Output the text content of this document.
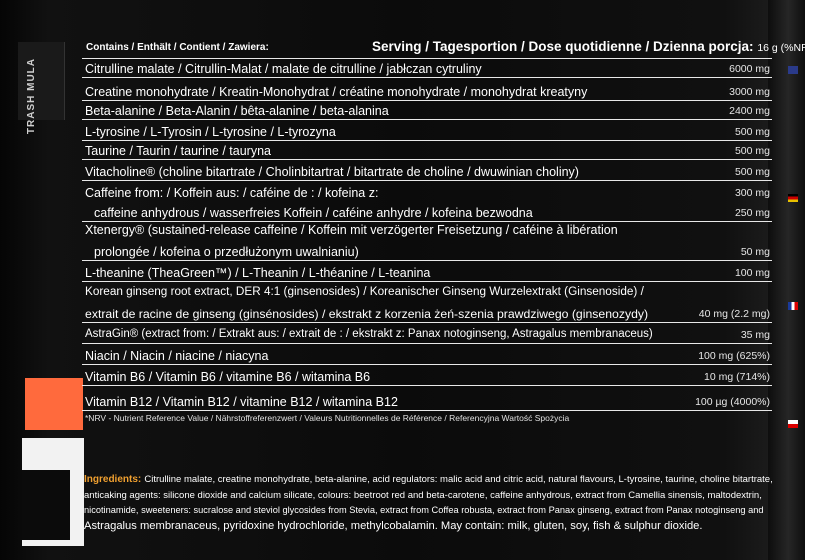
TRASH MULA
Contains / Enthält / Contient / Zawiera:	Serving / Tagesportion / Dose quotidienne / Dzienna porcja: 16 g (%NRV*)
Citrulline malate / Citrullin-Malat / malate de citrulline / jabłczan cytruliny	6000 mg
Creatine monohydrate / Kreatin-Monohydrat / créatine monohydrate / monohydrat kreatyny	3000 mg
Beta-alanine / Beta-Alanin / bêta-alanine / beta-alanina	2400 mg
L-tyrosine / L-Tyrosin / L-tyrosine / L-tyrozyna	500 mg
Taurine / Taurin / taurine / tauryna	500 mg
Vitacholine® (choline bitartrate / Cholinbitartrat / bitartrate de choline / dwuwinian choliny)	500 mg
Caffeine from: / Koffein aus: / caféine de : / kofeina z:	300 mg
caffeine anhydrous / wasserfreies Koffein / caféine anhydre / kofeina bezwodna	250 mg
Xtenergy® (sustained-release caffeine / Koffein mit verzögerter Freisetzung / caféine à libération
prolongée / kofeina o przedłużonym uwalnianiu)	50 mg
L-theanine (TheaGreen™) / L-Theanin / L-théanine / L-teanina	100 mg
Korean ginseng root extract, DER 4:1 (ginsenosides) / Koreanischer Ginseng Wurzelextrakt (Ginsenoside) /
extrait de racine de ginseng (ginsénosides) / ekstrakt z korzenia żeń-szenia prawdziwego (ginsenozydy)	40 mg (2.2 mg)
AstraGin® (extract from: / Extrakt aus: / extrait de : / ekstrakt z: Panax notoginseng, Astragalus membranaceus)	35 mg
Niacin / Niacin / niacine / niacyna	100 mg (625%)
Vitamin B6 / Vitamin B6 / vitamine B6 / witamina B6	10 mg (714%)
Vitamin B12 / Vitamin B12 / vitamine B12 / witamina B12	100 µg (4000%)
*NRV - Nutrient Reference Value / Nährstoffreferenzwert / Valeurs Nutritionnelles de Référence / Referencyjna Wartość Spożycia
Ingredients: Citrulline malate, creatine monohydrate, beta-alanine, acid regulators: malic acid and citric acid, natural flavours, L-tyrosine, taurine, choline bitartrate,
anticaking agents: silicone dioxide and calcium silicate, colours: beetroot red and beta-carotene, caffeine anhydrous, extract from Camellia sinensis, maltodextrin,
nicotinamide, sweeteners: sucralose and steviol glycosides from Stevia, extract from Coffea robusta, extract from Panax ginseng, extract from Panax notoginseng and
Astragalus membranaceus, pyridoxine hydrochloride, methylcobalamin. May contain: milk, gluten, soy, fish & sulphur dioxide.
